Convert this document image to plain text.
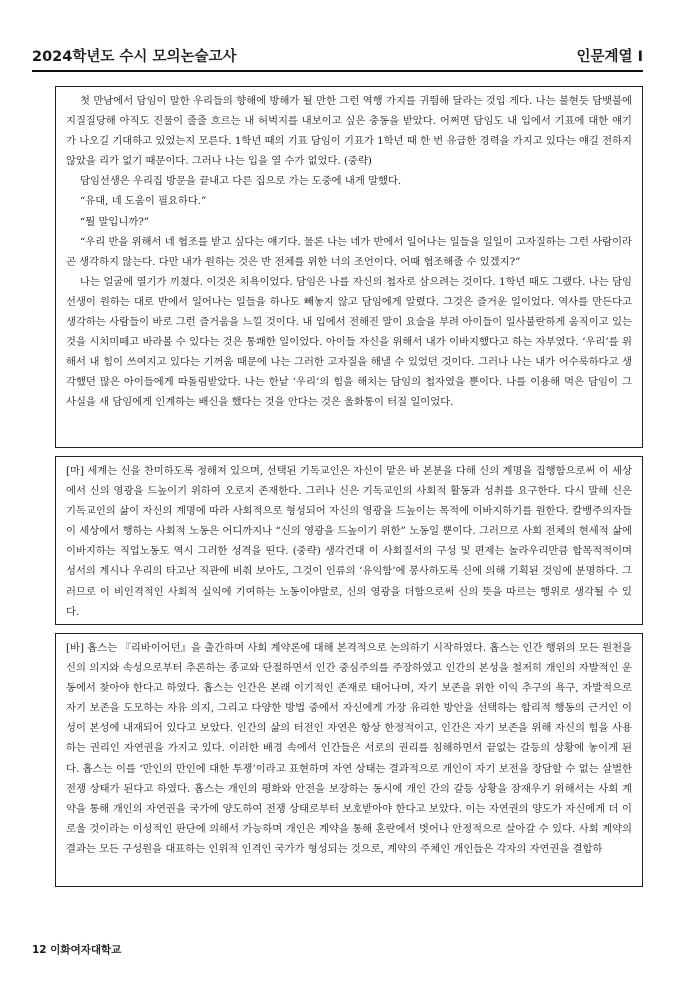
2024학년도 수시 모의논술고사	인문계열 I

첫 만남에서 담임이 말한 우리들의 향해에 방해가 될 만한 그런 역행 가지를 귀띔해 달라는 것입 게다. 나는 불현듯 담뱃불에 지질질당해 아직도 진물이 줄줄 흐르는 내 허벅지를 내보이고 싶은 충동을 받았다. 어쩌면 담임도 내 입에서 기표에 대한 얘기가 나오길 기대하고 있었는지 모른다. 1학년 때의 기표 담임이 기표가 1학년 때 한 번 유급한 경력을 가지고 있다는 얘길 전하지 않았을 리가 없기 때문이다. 그러나 나는 입을 열 수가 없었다. (중략)

담임선생은 우리집 방문을 끝내고 다른 집으로 가는 도중에 내게 말했다.

“유대, 네 도움이 필요하다.”

“뭘 말입니까?”

“우리 반을 위해서 네 협조를 받고 싶다는 얘기다. 물론 나는 네가 반에서 일어나는 일들을 일일이 고자질하는 그런 사람이라곤 생각하지 않는다. 다만 내가 원하는 것은 반 전체를 위한 너의 조언이다. 어때 협조해줄 수 있겠지?”

나는 얼굴에 열기가 끼쳤다. 이것은 치욕이었다. 담임은 나를 자신의 첩자로 삼으려는 것이다. 1학년 때도 그랬다. 나는 담임선생이 원하는 대로 반에서 일어나는 일들을 하나도 빼놓지 않고 담임에게 알렸다. 그것은 즐거운 일이었다. 역사를 만든다고 생각하는 사람들이 바로 그런 즐거움을 느낄 것이다. 내 입에서 전해진 말이 요술을 부려 아이들이 일사불란하게 움직이고 있는 것을 시치미떼고 바라볼 수 있다는 것은 통쾌한 일이었다. 아이들 자신을 위해서 내가 이바지했다고 하는 자부였다. ‘우리’를 위해서 내 힘이 쓰여지고 있다는 기꺼움 때문에 나는 그러한 고자질을 해낼 수 있었던 것이다. 그러나 나는 내가 어수룩하다고 생각했던 많은 아이들에게 따돌림받았다. 나는 한낱 ‘우리’의 힘을 해치는 담임의 첩자였을 뿐이다. 나를 이용해 먹은 담임이 그 사실을 새 담임에게 인계하는 배신을 했다는 것을 안다는 것은 울화통이 터질 일이었다.

[마] 세계는 신을 찬미하도록 정해져 있으며, 선택된 기독교인은 자신이 맡은 바 본분을 다해 신의 계명을 집행함으로써 이 세상에서 신의 영광을 드높이기 위하여 오로지 존재한다. 그러나 신은 기독교인의 사회적 활동과 성취를 요구한다. 다시 말해 신은 기독교인의 삶이 자신의 계명에 따라 사회적으로 형성되어 자신의 영광을 드높이는 목적에 이바지하기를 원한다. 칼뱅주의자들이 세상에서 행하는 사회적 노동은 어디까지나 “신의 영광을 드높이기 위한” 노동일 뿐이다. 그러므로 사회 전체의 현세적 삶에 이바지하는 직업노동도 역시 그러한 성격을 띤다. (중략) 생각건대 이 사회질서의 구성 및 편제는 놀라우리만큼 합목적적이며 성서의 계시나 우리의 타고난 직관에 비춰 보아도, 그것이 인류의 ‘유익함’에 봉사하도록 신에 의해 기획된 것임에 분명하다. 그러므로 이 비인격적인 사회적 실익에 기여하는 노동이야말로, 신의 영광을 더함으로써 신의 뜻을 따르는 행위로 생각될 수 있다.

[바] 홉스는 『리바이어던』을 출간하며 사회 계약론에 대해 본격적으로 논의하기 시작하였다. 홉스는 인간 행위의 모든 원천을 신의 의지와 속성으로부터 추론하는 종교와 단절하면서 인간 중심주의를 주장하였고 인간의 본성을 철저히 개인의 자발적인 운동에서 찾아야 한다고 하였다. 홉스는 인간은 본래 이기적인 존재로 태어나며, 자기 보존을 위한 이익 추구의 욕구, 자발적으로 자기 보존을 도모하는 자유 의지, 그리고 다양한 방법 중에서 자신에게 가장 유리한 방안을 선택하는 합리적 행동의 근거인 이성이 본성에 내재되어 있다고 보았다. 인간의 삶의 터전인 자연은 항상 한정적이고, 인간은 자기 보존을 위해 자신의 힘을 사용하는 권리인 자연권을 가지고 있다. 이러한 배경 속에서 인간들은 서로의 권리를 침해하면서 끝없는 갈등의 상황에 놓이게 된다. 홉스는 이를 ‘만인의 만인에 대한 투쟁’이라고 표현하며 자연 상태는 결과적으로 개인이 자기 보전을 장담할 수 없는 살벌한 전쟁 상태가 된다고 하였다. 홉스는 개인의 평화와 안전을 보장하는 동시에 개인 간의 갈등 상황을 잠재우기 위해서는 사회 계약을 통해 개인의 자연권을 국가에 양도하여 전쟁 상태로부터 보호받아야 한다고 보았다. 이는 자연권의 양도가 자신에게 더 이로울 것이라는 이성적인 판단에 의해서 가능하며 개인은 계약을 통해 혼란에서 벗어나 안정적으로 살아갈 수 있다. 사회 계약의 결과는 모든 구성원을 대표하는 인위적 인격인 국가가 형성되는 것으로, 계약의 주체인 개인들은 각자의 자연권을 결합하

12 이화여자대학교
